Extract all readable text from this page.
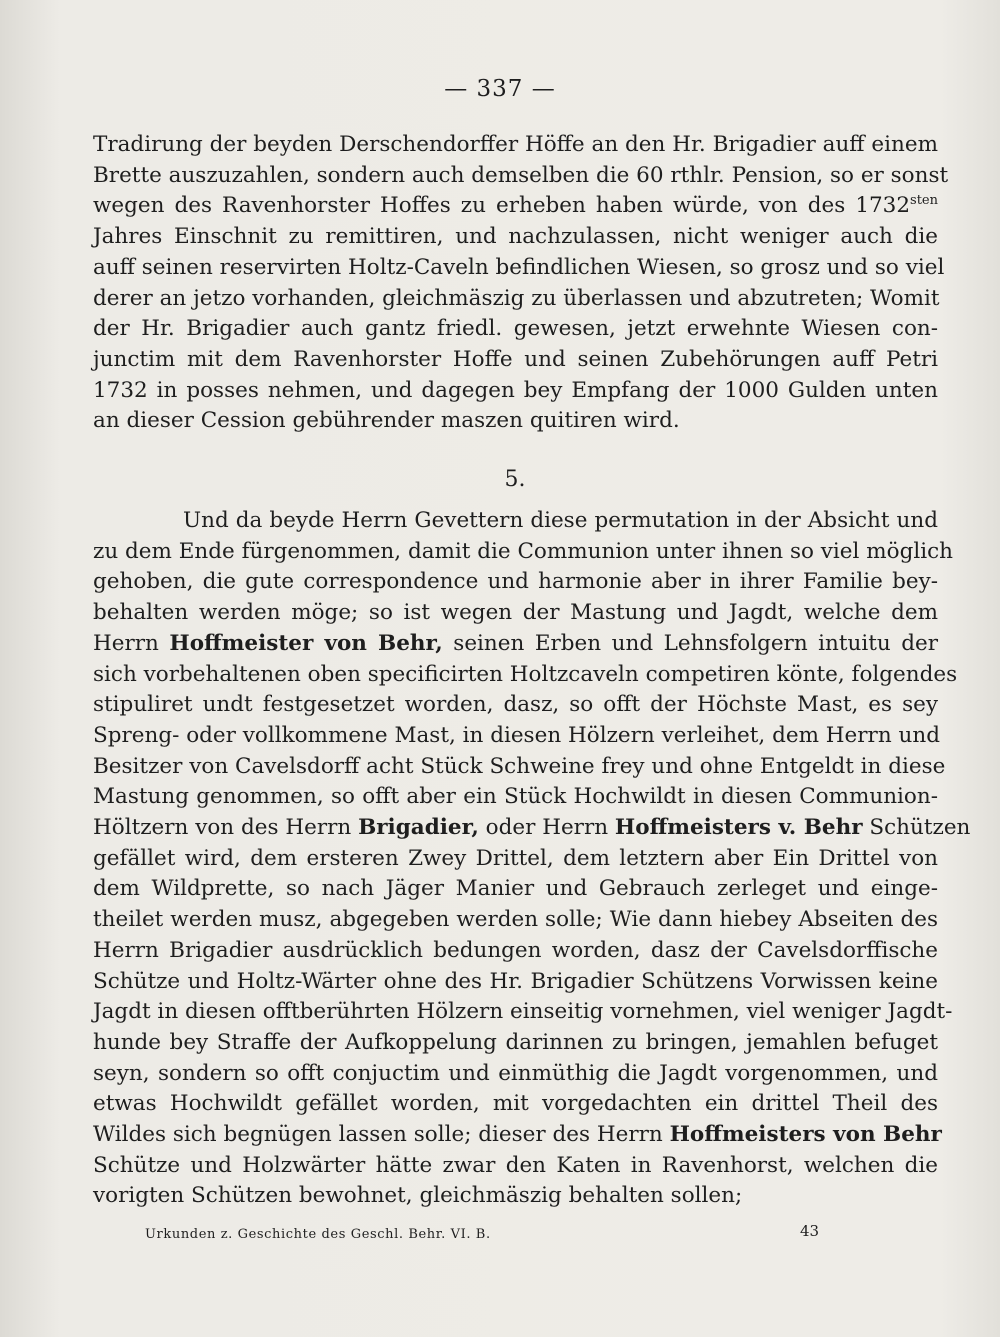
— 337 —
Tradirung der beyden Derschendorffer Höffe an den Hr. Brigadier auff einem
Brette auszuzahlen, sondern auch demselben die 60 rthlr. Pension, so er sonst
wegen des Ravenhorster Hoffes zu erheben haben würde, von des $1732^{sten}$
Jahres Einschnit zu remittiren, und nachzulassen, nicht weniger auch die
auff seinen reservirten Holtz-Caveln befindlichen Wiesen, so grosz und so viel
derer an jetzo vorhanden, gleichmäszig zu überlassen und abzutreten; Womit
der Hr. Brigadier auch gantz friedl. gewesen, jetzt erwehnte Wiesen con-
junctim mit dem Ravenhorster Hoffe und seinen Zubehörungen auff Petri
1732 in posses nehmen, und dagegen bey Empfang der 1000 Gulden unten
an dieser Cession gebührender maszen quitiren wird.
5.
Und da beyde Herrn Gevettern diese permutation in der Absicht und
zu dem Ende fürgenommen, damit die Communion unter ihnen so viel möglich
gehoben, die gute correspondence und harmonie aber in ihrer Familie bey-
behalten werden möge; so ist wegen der Mastung und Jagdt, welche dem
Herrn Hoffmeister von Behr, seinen Erben und Lehnsfolgern intuitu der
sich vorbehaltenen oben specificirten Holtzcaveln competiren könte, folgendes
stipuliret undt festgesetzet worden, dasz, so offt der Höchste Mast, es sey
Spreng- oder vollkommene Mast, in diesen Hölzern verleihet, dem Herrn und
Besitzer von Cavelsdorff acht Stück Schweine frey und ohne Entgeldt in diese
Mastung genommen, so offt aber ein Stück Hochwildt in diesen Communion-
Höltzern von des Herrn Brigadier, oder Herrn Hoffmeisters v. Behr Schützen
gefället wird, dem ersteren Zwey Drittel, dem letztern aber Ein Drittel von
dem Wildprette, so nach Jäger Manier und Gebrauch zerleget und einge-
theilet werden musz, abgegeben werden solle; Wie dann hiebey Abseiten des
Herrn Brigadier ausdrücklich bedungen worden, dasz der Cavelsdorffische
Schütze und Holtz-Wärter ohne des Hr. Brigadier Schützens Vorwissen keine
Jagdt in diesen offtberührten Hölzern einseitig vornehmen, viel weniger Jagdt-
hunde bey Straffe der Aufkoppelung darinnen zu bringen, jemahlen befuget
seyn, sondern so offt conjuctim und einmüthig die Jagdt vorgenommen, und
etwas Hochwildt gefället worden, mit vorgedachten ein drittel Theil des
Wildes sich begnügen lassen solle; dieser des Herrn Hoffmeisters von Behr
Schütze und Holzwärter hätte zwar den Katen in Ravenhorst, welchen die
vorigten Schützen bewohnet, gleichmäszig behalten sollen;
Urkunden z. Geschichte des Geschl. Behr. VI. B.	43
